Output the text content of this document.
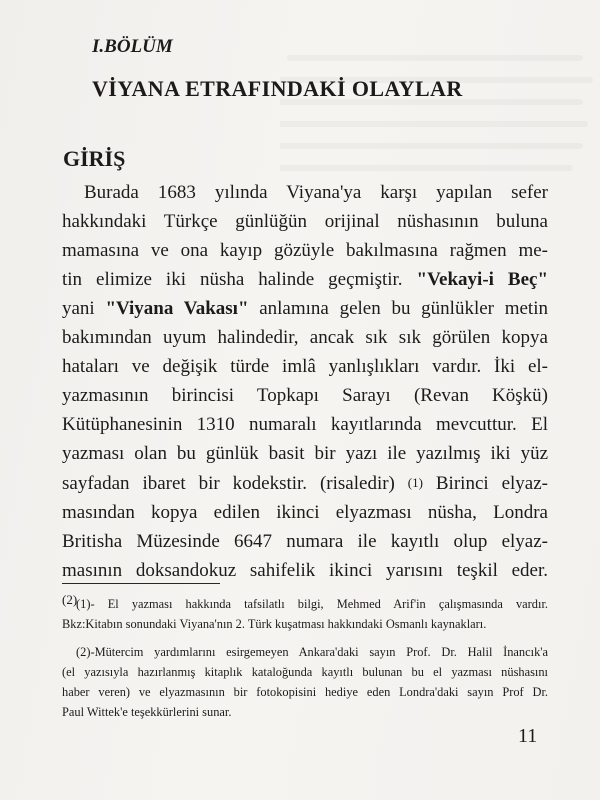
I.BÖLÜM
VİYANA ETRAFINDAKİ OLAYLAR
GİRİŞ
Burada 1683 yılında Viyana'ya karşı yapılan sefer
hakkındaki Türkçe günlüğün orijinal nüshasının buluna
mamasına ve ona kayıp gözüyle bakılmasına rağmen me-
tin elimize iki nüsha halinde geçmiştir. "Vekayi-i Beç"
yani "Viyana Vakası" anlamına gelen bu günlükler metin
bakımından uyum halindedir, ancak sık sık görülen kopya
hataları ve değişik türde imlâ yanlışlıkları vardır. İki el-
yazmasının birincisi Topkapı Sarayı (Revan Köşkü)
Kütüphanesinin 1310 numaralı kayıtlarında mevcuttur. El
yazması olan bu günlük basit bir yazı ile yazılmış iki yüz
sayfadan ibaret bir kodekstir. (risaledir) (1) Birinci elyaz-
masından kopya edilen ikinci elyazması nüsha, Londra
Britisha Müzesinde 6647 numara ile kayıtlı olup elyaz-
masının doksandokuz sahifelik ikinci yarısını teşkil eder.
(2)
(1)- El yazması hakkında tafsilatlı bilgi, Mehmed Arif'in çalışmasında vardır.
Bkz:Kitabın sonundaki Viyana'nın 2. Türk kuşatması hakkındaki Osmanlı kaynakları.
(2)-Mütercim yardımlarını esirgemeyen Ankara'daki sayın Prof. Dr. Halil İnancık'a
(el yazısıyla hazırlanmış kitaplık kataloğunda kayıtlı bulunan bu el yazması nüshasını
haber veren) ve elyazmasının bir fotokopisini hediye eden Londra'daki sayın Prof Dr.
Paul Wittek'e teşekkürlerini sunar.
11
